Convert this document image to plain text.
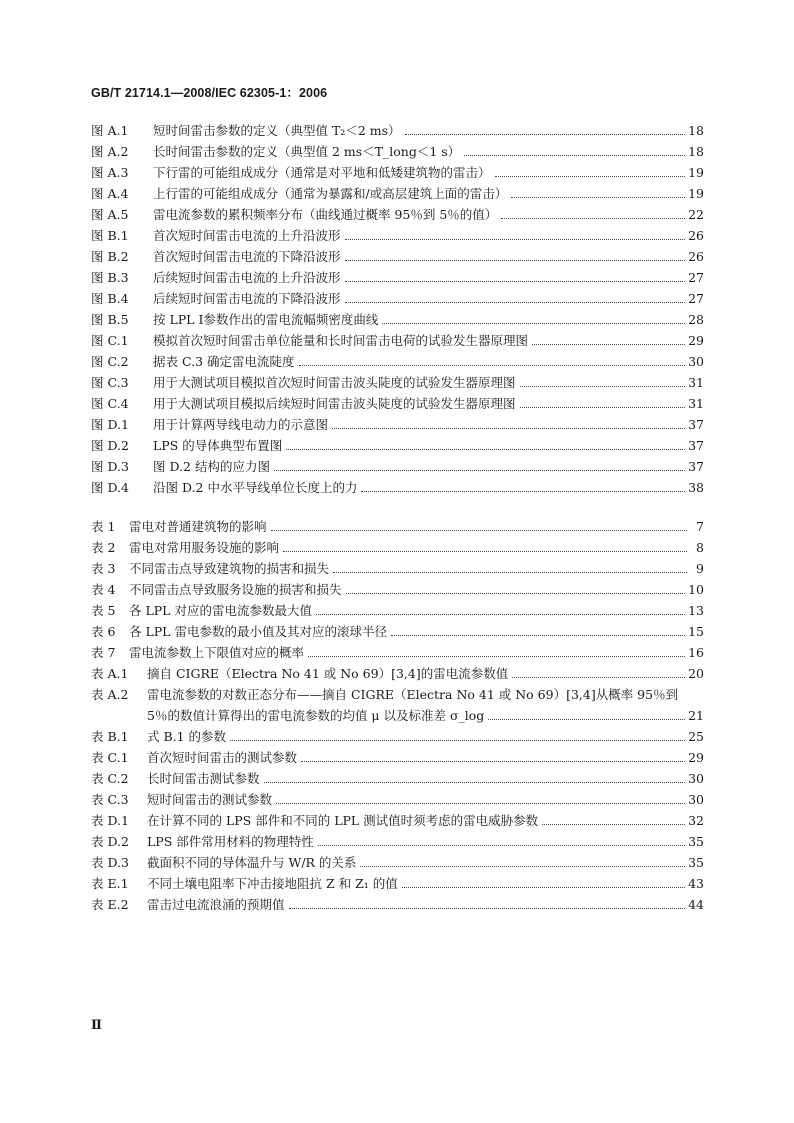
GB/T 21714.1—2008/IEC 62305-1：2006
图 A.1	短时间雷击参数的定义（典型值 T₂＜2 ms）	18
图 A.2	长时间雷击参数的定义（典型值 2 ms＜T_long＜1 s）	18
图 A.3	下行雷的可能组成成分（通常是对平地和低矮建筑物的雷击）	19
图 A.4	上行雷的可能组成成分（通常为暴露和/或高层建筑上面的雷击）	19
图 A.5	雷电流参数的累积频率分布（曲线通过概率 95％到 5％的值）	22
图 B.1	首次短时间雷击电流的上升沿波形	26
图 B.2	首次短时间雷击电流的下降沿波形	26
图 B.3	后续短时间雷击电流的上升沿波形	27
图 B.4	后续短时间雷击电流的下降沿波形	27
图 B.5	按 LPL Ⅰ参数作出的雷电流幅频密度曲线	28
图 C.1	模拟首次短时间雷击单位能量和长时间雷击电荷的试验发生器原理图	29
图 C.2	据表 C.3 确定雷电流陡度	30
图 C.3	用于大测试项目模拟首次短时间雷击波头陡度的试验发生器原理图	31
图 C.4	用于大测试项目模拟后续短时间雷击波头陡度的试验发生器原理图	31
图 D.1	用于计算两导线电动力的示意图	37
图 D.2	LPS 的导体典型布置图	37
图 D.3	图 D.2 结构的应力图	37
图 D.4	沿图 D.2 中水平导线单位长度上的力	38
表 1	雷电对普通建筑物的影响	7
表 2	雷电对常用服务设施的影响	8
表 3	不同雷击点导致建筑物的损害和损失	9
表 4	不同雷击点导致服务设施的损害和损失	10
表 5	各 LPL 对应的雷电流参数最大值	13
表 6	各 LPL 雷电参数的最小值及其对应的滚球半径	15
表 7	雷电流参数上下限值对应的概率	16
表 A.1	摘自 CIGRE（Electra No 41 或 No 69）[3,4]的雷电流参数值	20
表 A.2	雷电流参数的对数正态分布——摘自 CIGRE（Electra No 41 或 No 69）[3,4]从概率 95％到
5％的数值计算得出的雷电流参数的均值 μ 以及标准差 σ_log	21
表 B.1	式 B.1 的参数	25
表 C.1	首次短时间雷击的测试参数	29
表 C.2	长时间雷击测试参数	30
表 C.3	短时间雷击的测试参数	30
表 D.1	在计算不同的 LPS 部件和不同的 LPL 测试值时须考虑的雷电威胁参数	32
表 D.2	LPS 部件常用材料的物理特性	35
表 D.3	截面积不同的导体温升与 W/R 的关系	35
表 E.1	不同土壤电阻率下冲击接地阻抗 Z 和 Z₁ 的值	43
表 E.2	雷击过电流浪涌的预期值	44
Ⅱ
